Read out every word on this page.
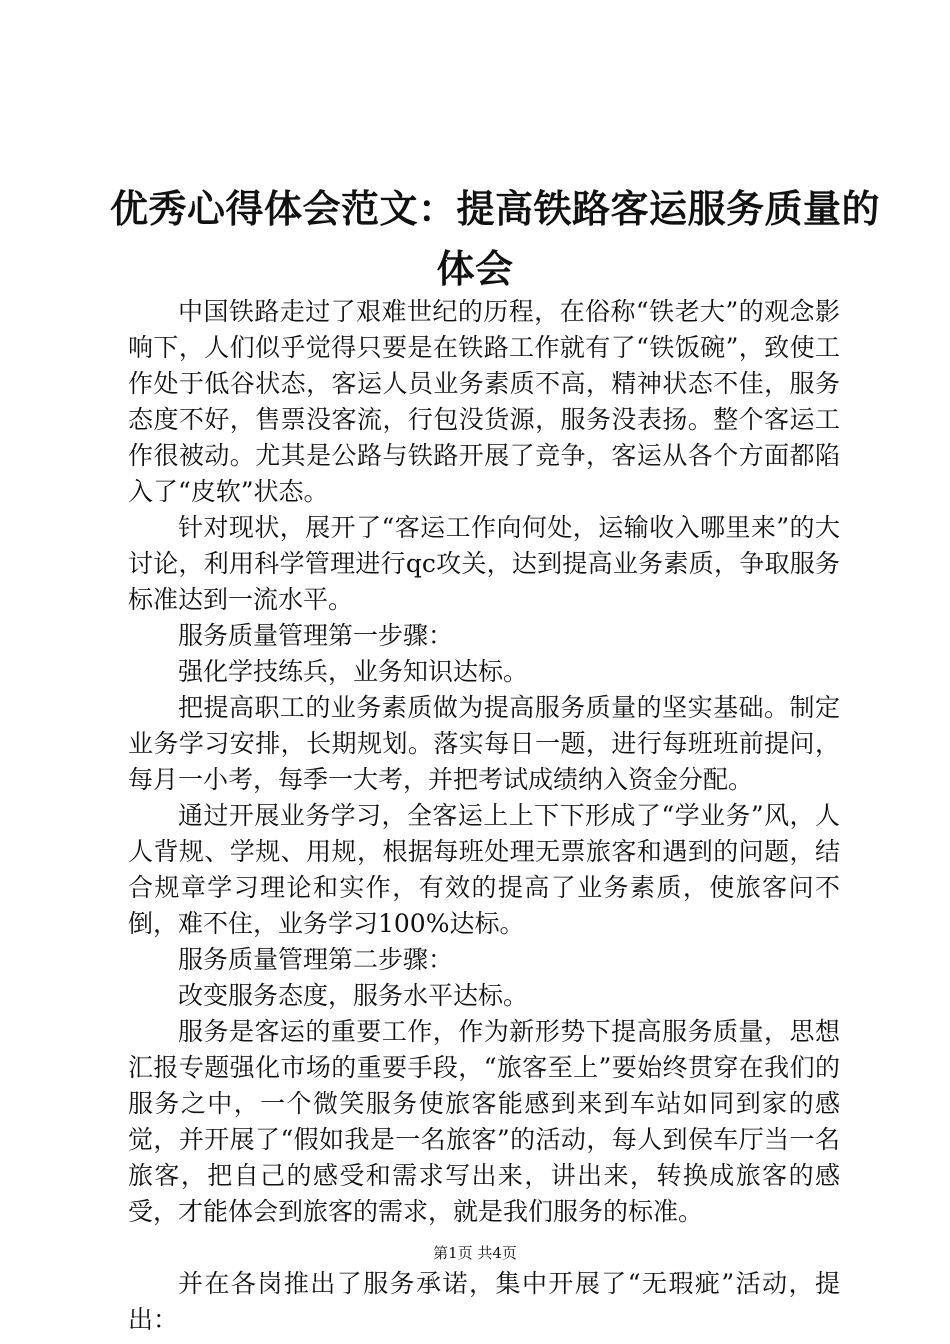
优秀心得体会范文：提高铁路客运服务质量的
体会

中国铁路走过了艰难世纪的历程，在俗称“铁老大”的观念影响下，人们似乎觉得只要是在铁路工作就有了“铁饭碗”，致使工作处于低谷状态，客运人员业务素质不高，精神状态不佳，服务态度不好，售票没客流，行包没货源，服务没表扬。整个客运工作很被动。尤其是公路与铁路开展了竞争，客运从各个方面都陷入了“皮软”状态。

针对现状，展开了“客运工作向何处，运输收入哪里来”的大讨论，利用科学管理进行qc攻关，达到提高业务素质，争取服务标准达到一流水平。

服务质量管理第一步骤：

强化学技练兵，业务知识达标。

把提高职工的业务素质做为提高服务质量的坚实基础。制定业务学习安排，长期规划。落实每日一题，进行每班班前提问，每月一小考，每季一大考，并把考试成绩纳入资金分配。

通过开展业务学习，全客运上上下下形成了“学业务”风，人人背规、学规、用规，根据每班处理无票旅客和遇到的问题，结合规章学习理论和实作，有效的提高了业务素质，使旅客问不倒，难不住，业务学习100%达标。

服务质量管理第二步骤：

改变服务态度，服务水平达标。

服务是客运的重要工作，作为新形势下提高服务质量，思想汇报专题强化市场的重要手段，“旅客至上”要始终贯穿在我们的服务之中，一个微笑服务使旅客能感到来到车站如同到家的感觉，并开展了“假如我是一名旅客”的活动，每人到侯车厅当一名旅客，把自己的感受和需求写出来，讲出来，转换成旅客的感受，才能体会到旅客的需求，就是我们服务的标准。

并在各岗推出了服务承诺，集中开展了“无瑕疵”活动，提出：

第1页 共4页
